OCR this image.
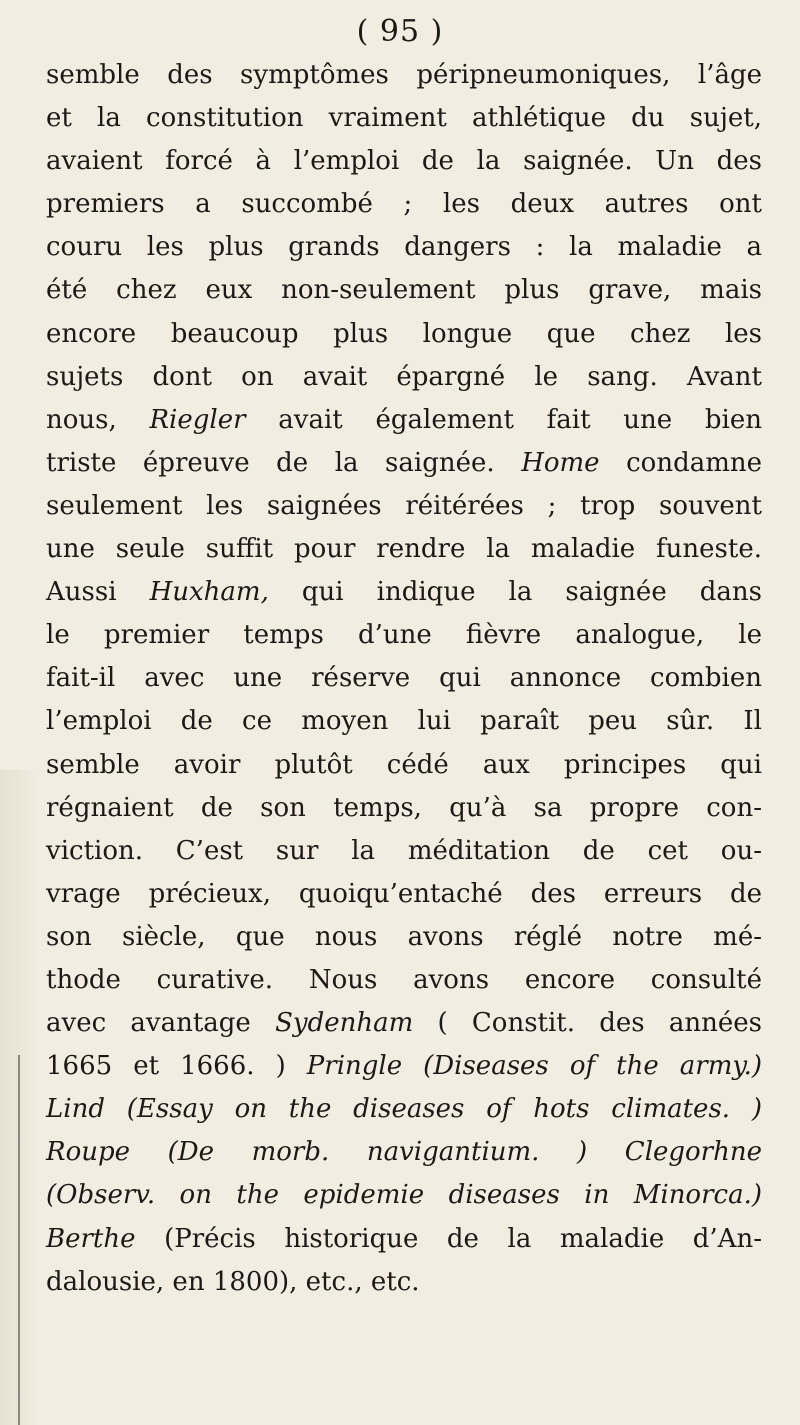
( 95 )
semble des symptômes péripneumoniques, l’âge
et la constitution vraiment athlétique du sujet,
avaient forcé à l’emploi de la saignée. Un des
premiers a succombé ; les deux autres ont
couru les plus grands dangers : la maladie a
été chez eux non-seulement plus grave, mais
encore beaucoup plus longue que chez les
sujets dont on avait épargné le sang. Avant
nous, Riegler avait également fait une bien
triste épreuve de la saignée. Home condamne
seulement les saignées réitérées ; trop souvent
une seule suffit pour rendre la maladie funeste.
Aussi Huxham, qui indique la saignée dans
le premier temps d’une fièvre analogue, le
fait-il avec une réserve qui annonce combien
l’emploi de ce moyen lui paraît peu sûr. Il
semble avoir plutôt cédé aux principes qui
régnaient de son temps, qu’à sa propre con-
viction. C’est sur la méditation de cet ou-
vrage précieux, quoiqu’entaché des erreurs de
son siècle, que nous avons réglé notre mé-
thode curative. Nous avons encore consulté
avec avantage Sydenham ( Constit. des années
1665 et 1666. ) Pringle (Diseases of the army.)
Lind (Essay on the diseases of hots climates. )
Roupe (De morb. navigantium. ) Clegorhne
(Observ. on the epidemie diseases in Minorca.)
Berthe (Précis historique de la maladie d’An-
dalousie, en 1800), etc., etc.
